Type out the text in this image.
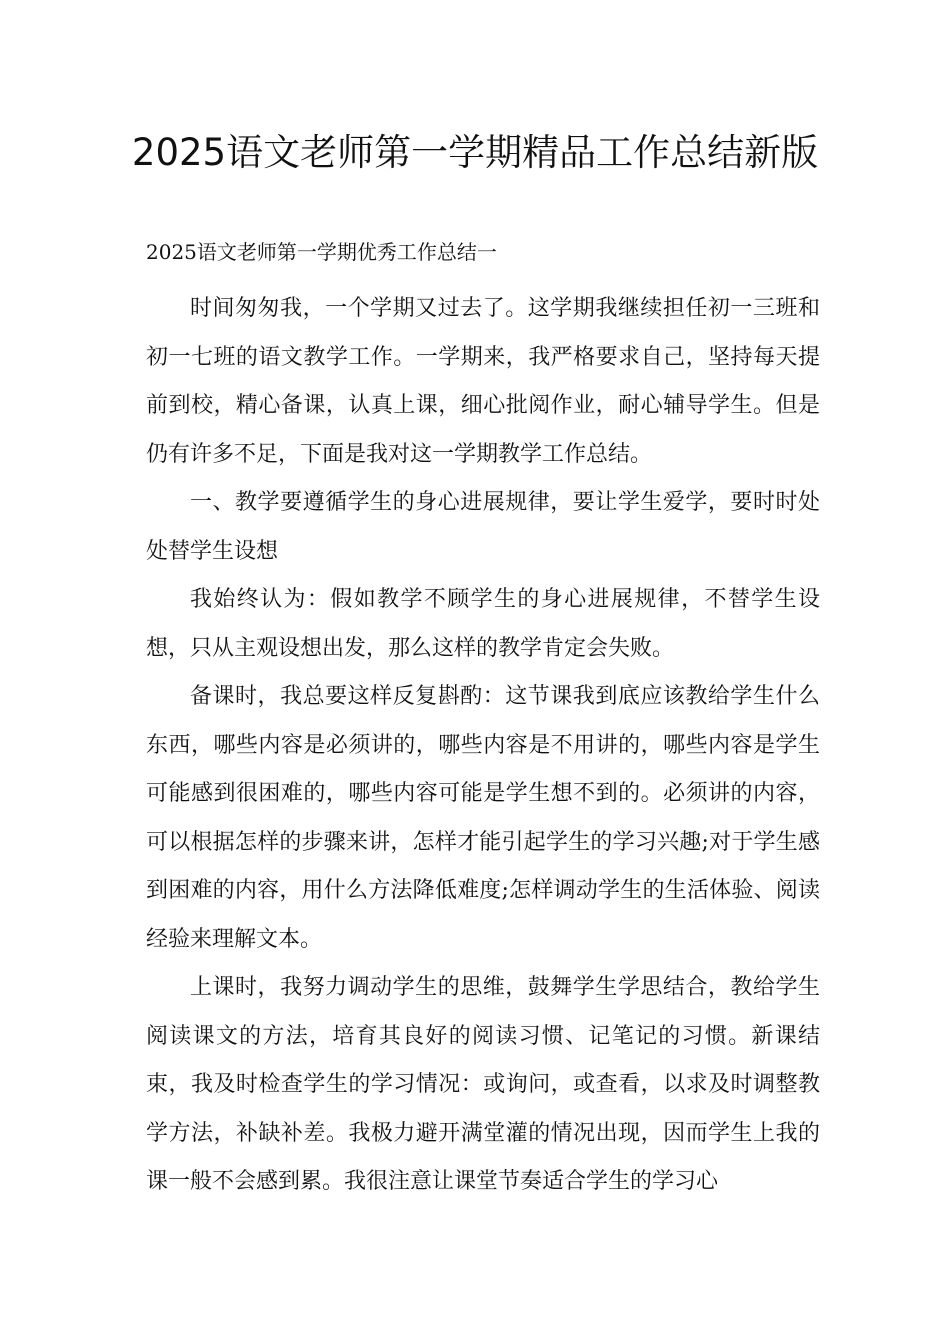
2025语文老师第一学期精品工作总结新版

2025语文老师第一学期优秀工作总结一

时间匆匆我，一个学期又过去了。这学期我继续担任初一三班和初一七班的语文教学工作。一学期来，我严格要求自己，坚持每天提前到校，精心备课，认真上课，细心批阅作业，耐心辅导学生。但是仍有许多不足，下面是我对这一学期教学工作总结。

一、教学要遵循学生的身心进展规律，要让学生爱学，要时时处处替学生设想

我始终认为：假如教学不顾学生的身心进展规律，不替学生设想，只从主观设想出发，那么这样的教学肯定会失败。

备课时，我总要这样反复斟酌：这节课我到底应该教给学生什么东西，哪些内容是必须讲的，哪些内容是不用讲的，哪些内容是学生可能感到很困难的，哪些内容可能是学生想不到的。必须讲的内容，可以根据怎样的步骤来讲，怎样才能引起学生的学习兴趣;对于学生感到困难的内容，用什么方法降低难度;怎样调动学生的生活体验、阅读经验来理解文本。

上课时，我努力调动学生的思维，鼓舞学生学思结合，教给学生阅读课文的方法，培育其良好的阅读习惯、记笔记的习惯。新课结束，我及时检查学生的学习情况：或询问，或查看，以求及时调整教学方法，补缺补差。我极力避开满堂灌的情况出现，因而学生上我的课一般不会感到累。我很注意让课堂节奏适合学生的学习心
